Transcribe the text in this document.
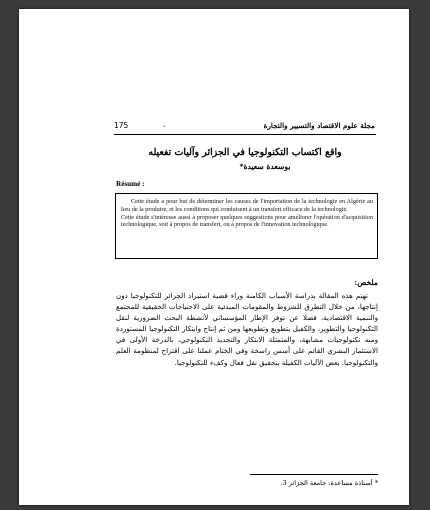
175	،	مجلة علوم الاقتصاد والتسيير والتجارة
واقع اكتساب التكنولوجيا في الجزائر وآليات تفعيله
بوسعدة سعيدة*
Résumé :

Cette étude a pour but de déterminer les causes de l'importation de la technologie en Algérie au lieu de la produire, et les conditions qui conduisent à un transfert efficace de la technologie.

Cette étude s'intéresse aussi à proposer quelques suggestions pour améliorer l'opération d'acquisition technologique, soit à propos de transfert, ou à propos de l'innovation technologique.

ملخص:

تهتم هذه المقالة بدراسة الأسباب الكامنة وراء قضية استيراد الجزائر للتكنولوجيا دون إنتاجها، من خلال التطرق للشروط والمقومات المبدئية على الاحتياجات الحقيقية للمجتمع والتنمية الاقتصادية، فضلا عن توفر الإطار المؤسساتي لأنشطة البحث الضرورية لنقل التكنولوجيا والتطوير، والكفيل بتطويع وتطويعها ومن ثم إنتاج وابتكار التكنولوجيا المستوردة ومنه تكنولوجيات مشابهة، والمتمثلة الابتكار والتجديد التكنولوجي، بالدرجة الأولى في الاستثمار البشري القائم على أسس راسخة وفي الختام عملنا على اقتراح لمنظومة العلم والتكنولوجيا. بعض الآليات الكفيلة بتحقيق نقل فعال وكفء للتكنولوجيا.

* أستاذة مساعدة، جامعة الجزائر 3.
